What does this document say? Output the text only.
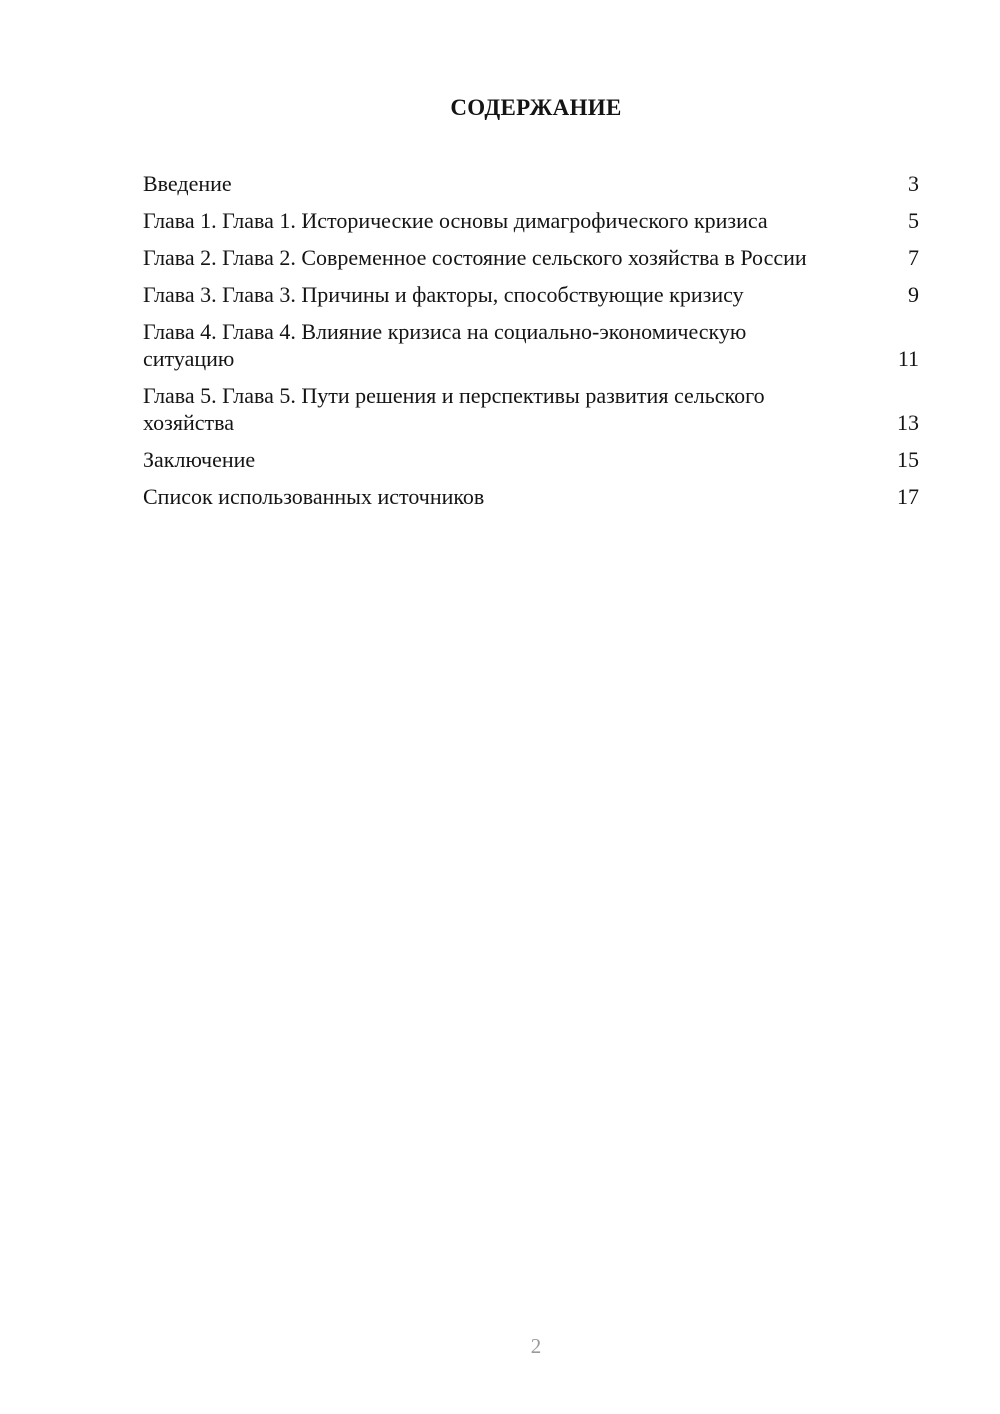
СОДЕРЖАНИЕ
Введение	3
Глава 1. Глава 1. Исторические основы димагрофического кризиса	5
Глава 2. Глава 2. Современное состояние сельского хозяйства в России	7
Глава 3. Глава 3. Причины и факторы, способствующие кризису	9
Глава 4. Глава 4. Влияние кризиса на социально-экономическую ситуацию	11
Глава 5. Глава 5. Пути решения и перспективы развития сельского хозяйства	13
Заключение	15
Список использованных источников	17
2
